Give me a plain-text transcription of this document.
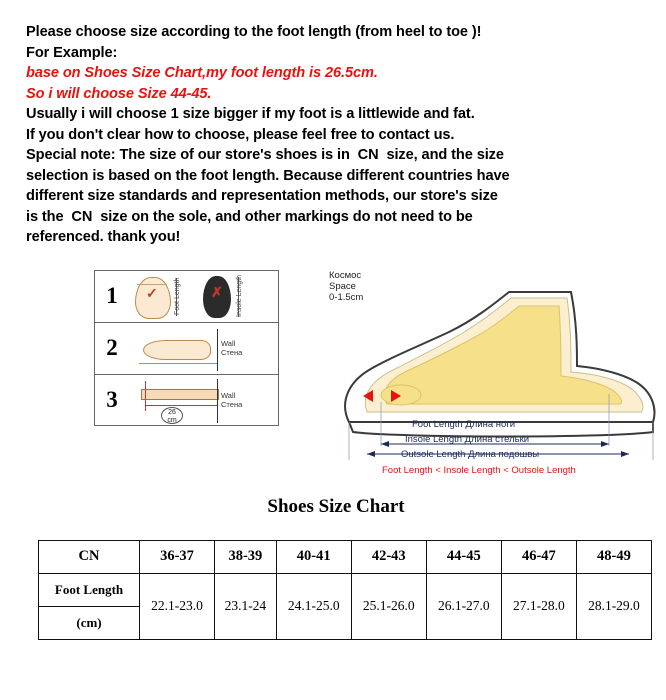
Please choose size according to the foot length (from heel to toe )!
For Example:
base on Shoes Size Chart,my foot length is 26.5cm.
So i will choose Size 44-45.
Usually i will choose 1 size bigger if my foot is a littlewide and fat.
If you don't clear how to choose, please feel free to contact us.
Special note: The size of our store's shoes is in  CN  size, and the size
selection is based on the foot length. Because different countries have
different size standards and representation methods, our store's size
is the  CN  size on the sole, and other markings do not need to be
referenced. thank you!
1	✓ Foot Length ✗ Insole Length
2	Wall
Стена
3	Wall
Стена
26
cm
Космос
Space
0-1.5cm
Foot Length Длина ноги
Insole Length Длина стельки
Outsole Length Длина подошвы
Foot Length < Insole Length < Outsole Length
Shoes Size Chart
CN	36-37	38-39	40-41	42-43	44-45	46-47	48-49
Foot Length	22.1-23.0	23.1-24	24.1-25.0	25.1-26.0	26.1-27.0	27.1-28.0	28.1-29.0
(cm)							
